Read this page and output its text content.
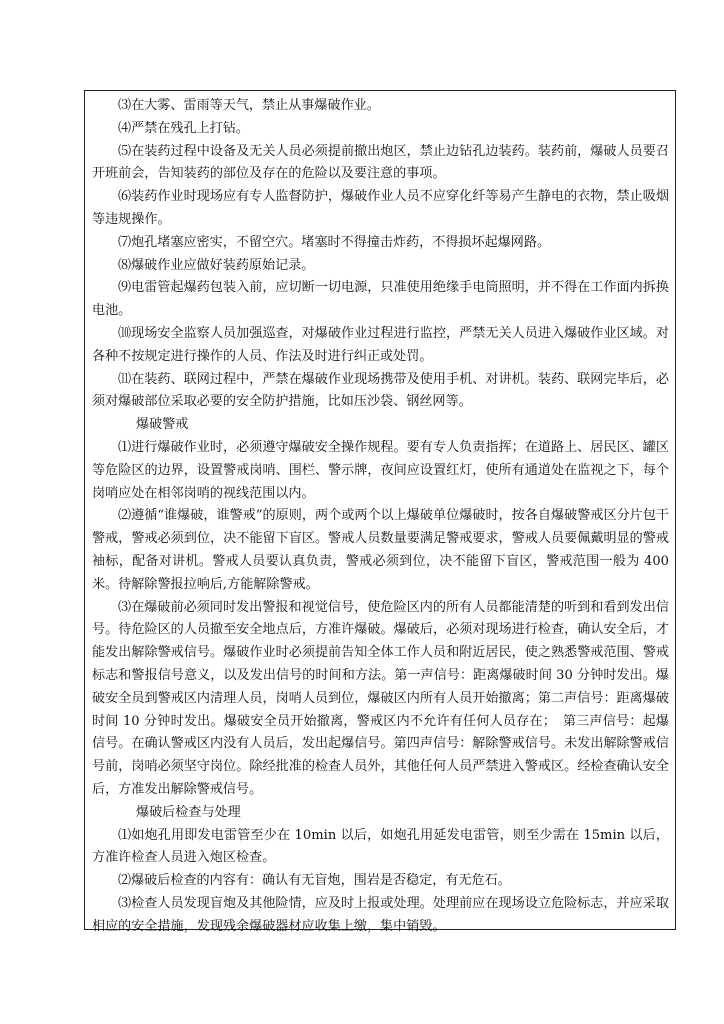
⑶在大雾、雷雨等天气，禁止从事爆破作业。

⑷严禁在残孔上打钻。

⑸在装药过程中设备及无关人员必须提前撤出炮区，禁止边钻孔边装药。装药前，爆破人员要召开班前会，告知装药的部位及存在的危险以及要注意的事项。

⑹装药作业时现场应有专人监督防护，爆破作业人员不应穿化纤等易产生静电的衣物，禁止吸烟等违规操作。

⑺炮孔堵塞应密实，不留空穴。堵塞时不得撞击炸药，不得损坏起爆网路。

⑻爆破作业应做好装药原始记录。

⑼电雷管起爆药包装入前，应切断一切电源，只准使用绝缘手电筒照明，并不得在工作面内拆换电池。

⑽现场安全监察人员加强巡查，对爆破作业过程进行监控，严禁无关人员进入爆破作业区域。对各种不按规定进行操作的人员、作法及时进行纠正或处罚。

⑾在装药、联网过程中，严禁在爆破作业现场携带及使用手机、对讲机。装药、联网完毕后，必须对爆破部位采取必要的安全防护措施，比如压沙袋、钢丝网等。

爆破警戒

⑴进行爆破作业时，必须遵守爆破安全操作规程。要有专人负责指挥；在道路上、居民区、罐区等危险区的边界，设置警戒岗哨、围栏、警示牌，夜间应设置红灯，使所有通道处在监视之下，每个岗哨应处在相邻岗哨的视线范围以内。

⑵遵循“谁爆破，谁警戒”的原则，两个或两个以上爆破单位爆破时，按各自爆破警戒区分片包干警戒，警戒必须到位，决不能留下盲区。警戒人员数量要满足警戒要求，警戒人员要佩戴明显的警戒袖标，配备对讲机。警戒人员要认真负责，警戒必须到位，决不能留下盲区，警戒范围一般为 400 米。待解除警报拉响后,方能解除警戒。

⑶在爆破前必须同时发出警报和视觉信号，使危险区内的所有人员都能清楚的听到和看到发出信号。待危险区的人员撤至安全地点后，方准许爆破。爆破后，必须对现场进行检查，确认安全后，才能发出解除警戒信号。爆破作业时必须提前告知全体工作人员和附近居民，使之熟悉警戒范围、警戒标志和警报信号意义，以及发出信号的时间和方法。第一声信号：距离爆破时间 30 分钟时发出。爆破安全员到警戒区内清理人员，岗哨人员到位，爆破区内所有人员开始撤离；第二声信号：距离爆破时间 10 分钟时发出。爆破安全员开始撤离，警戒区内不允许有任何人员存在；　第三声信号：起爆信号。在确认警戒区内没有人员后，发出起爆信号。第四声信号：解除警戒信号。未发出解除警戒信号前，岗哨必须坚守岗位。除经批准的检查人员外，其他任何人员严禁进入警戒区。经检查确认安全后，方准发出解除警戒信号。

爆破后检查与处理

⑴如炮孔用即发电雷管至少在 10min 以后，如炮孔用延发电雷管，则至少需在 15min 以后，方准许检查人员进入炮区检查。

⑵爆破后检查的内容有：确认有无盲炮，围岩是否稳定，有无危石。

⑶检查人员发现盲炮及其他险情，应及时上报或处理。处理前应在现场设立危险标志，并应采取相应的安全措施，发现残余爆破器材应收集上缴，集中销毁。
